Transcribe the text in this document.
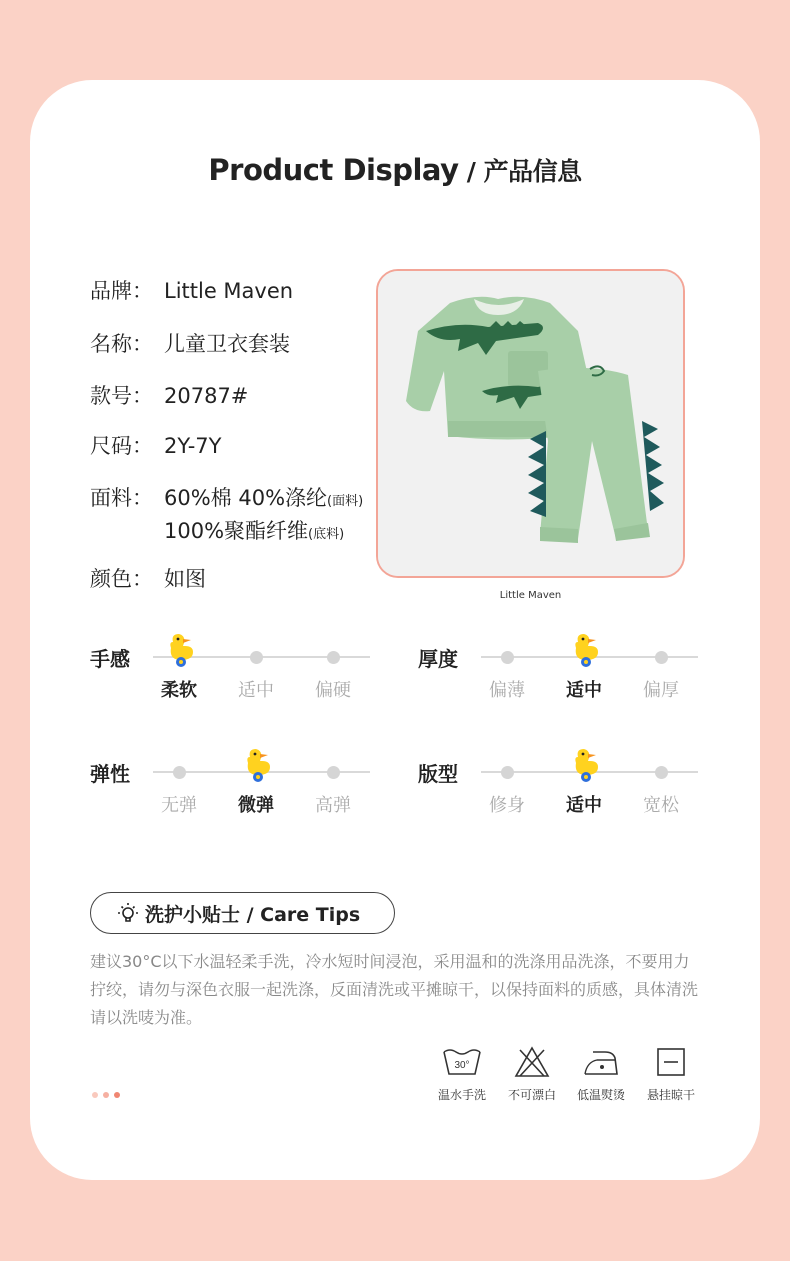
Product Display / 产品信息
品牌： Little Maven
名称： 儿童卫衣套装
款号： 20787#
尺码： 2Y-7Y
面料： 60%棉 40%涤纶(面料)
100%聚酯纤维(底料)
颜色： 如图
Little Maven
手感
柔软	适中	偏硬
厚度
偏薄	适中	偏厚
弹性
无弹	微弹	高弹
版型
修身	适中	宽松
洗护小贴士 / Care Tips
建议30°C以下水温轻柔手洗，冷水短时间浸泡，采用温和的洗涤用品洗涤，不要用力拧绞，请勿与深色衣服一起洗涤，反面清洗或平摊晾干，以保持面料的质感，具体清洗请以洗唛为准。
30°
温水手洗	不可漂白	低温熨烫	悬挂晾干
